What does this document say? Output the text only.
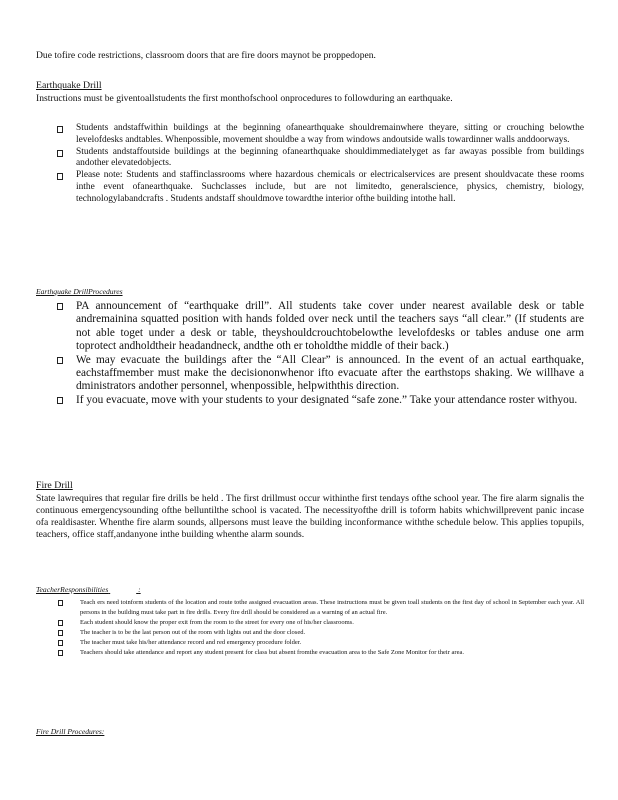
Due tofire code restrictions, classroom doors that are fire doors maynot be proppedopen.
Earthquake Drill
Instructions must be giventoallstudents the first monthofschool onprocedures to followduring an earthquake.
Students andstaffwithin buildings at the beginning ofanearthquake shouldremainwhere theyare, sitting or crouching belowthe levelofdesks andtables. Whenpossible, movement shouldbe a way from windows andoutside walls towardinner walls anddoorways.
Students andstaffoutside buildings at the beginning ofanearthquake shouldimmediatelyget as far awayas possible from buildings andother elevatedobjects.
Please note: Students and staffinclassrooms where hazardous chemicals or electricalservices are present shouldvacate these rooms inthe event ofanearthquake. Suchclasses include, but are not limitedto, generalscience, physics, chemistry, biology, technologylabandcrafts . Students andstaff shouldmove towardthe interior ofthe building intothe hall.
Earthquake DrillProcedures
PA announcement of “earthquake drill”. All students take cover under nearest available desk or table andremainina squatted position with hands folded over neck until the teachers says “all clear.” (If students are not able toget under a desk or table, theyshouldcrouchtobelowthe levelofdesks or tables anduse one arm toprotect andholdtheir headandneck, andthe oth er toholdthe middle of their back.)
We may evacuate the buildings after the “All Clear” is announced. In the event of an actual earthquake, eachstaffmember must make the decisiononwhenor ifto evacuate after the earthstops shaking. We willhave a dministrators andother personnel, whenpossible, helpwiththis direction.
If you evacuate, move with your students to your designated “safe zone.” Take your attendance roster withyou.
Fire Drill
State lawrequires that regular fire drills be held . The first drillmust occur withinthe first tendays ofthe school year. The fire alarm signalis the continuous emergencysounding ofthe belluntilthe school is vacated. The necessityofthe drill is toform habits whichwillprevent panic incase ofa realdisaster. Whenthe fire alarm sounds, allpersons must leave the building inconformance withthe schedule below. This applies topupils, teachers, office staff,andanyone inthe building whenthe alarm sounds.
TeacherResponsibilities	:
Teach ers need toinform students of the location and route tothe assigned evacuation areas. These instructions must be given toall students on the first day of school in September each year. All persons in the building must take part in fire drills. Every fire drill should be considered as a warning of an actual fire.
Each student should know the proper exit from the room to the street for every one of his/her classrooms.
The teacher is to be the last person out of the room with lights out and the door closed.
The teacher must take his/her attendance record and red emergency procedure folder.
Teachers should take attendance and report any student present for class but absent fromthe evacuation area to the Safe Zone Monitor for their area.
Fire Drill Procedures:
